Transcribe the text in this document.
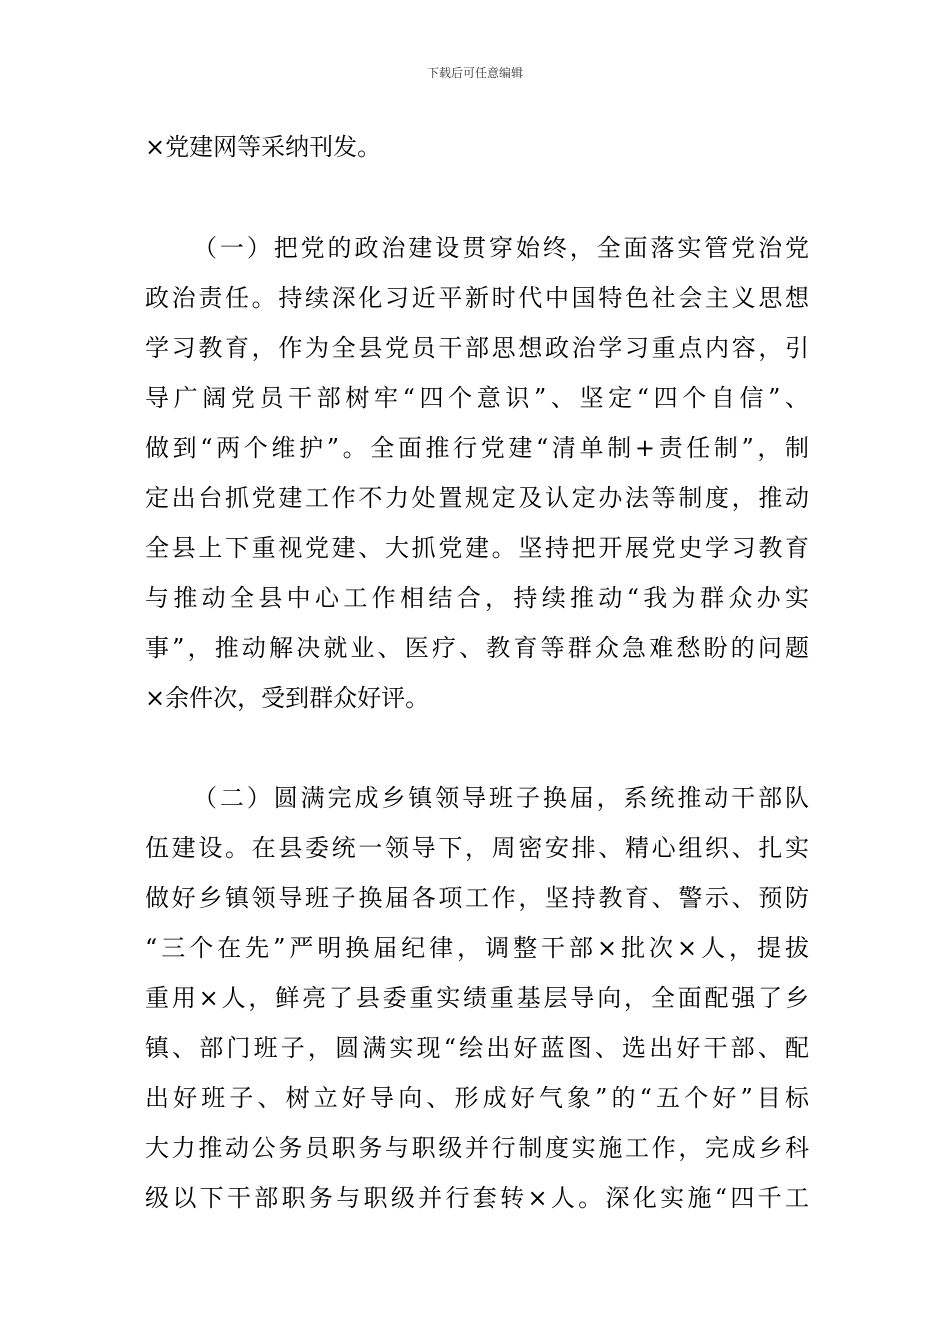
下载后可任意编辑
×党建网等采纳刊发。
（一）把党的政治建设贯穿始终，全面落实管党治党
政治责任。持续深化习近平新时代中国特色社会主义思想
学习教育，作为全县党员干部思想政治学习重点内容，引
导广阔党员干部树牢“四个意识”、坚定“四个自信”、
做到“两个维护”。全面推行党建“清单制+责任制”，制
定出台抓党建工作不力处置规定及认定办法等制度，推动
全县上下重视党建、大抓党建。坚持把开展党史学习教育
与推动全县中心工作相结合，持续推动“我为群众办实
事”，推动解决就业、医疗、教育等群众急难愁盼的问题
×余件次，受到群众好评。
（二）圆满完成乡镇领导班子换届，系统推动干部队
伍建设。在县委统一领导下，周密安排、精心组织、扎实
做好乡镇领导班子换届各项工作，坚持教育、警示、预防
“三个在先”严明换届纪律，调整干部×批次×人，提拔
重用×人，鲜亮了县委重实绩重基层导向，全面配强了乡
镇、部门班子，圆满实现“绘出好蓝图、选出好干部、配
出好班子、树立好导向、形成好气象”的“五个好”目标
大力推动公务员职务与职级并行制度实施工作，完成乡科
级以下干部职务与职级并行套转×人。深化实施“四千工
